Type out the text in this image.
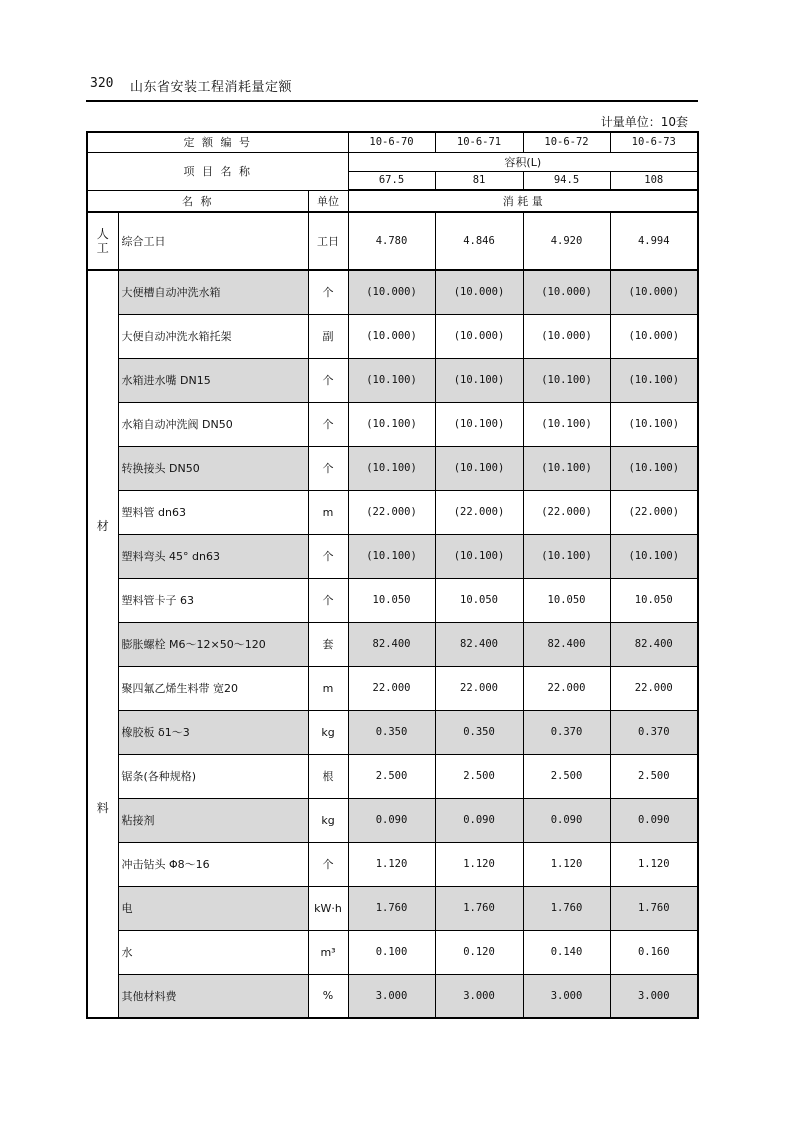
320 山东省安装工程消耗量定额
计量单位：10套
定 额 编 号			10-6-70	10-6-71	10-6-72	10-6-73
项 目 名 称			容积(L)			
			67.5	81	94.5	108
名 称		单位	消 耗 量			
人工	综合工日	工日	4.780	4.846	4.920	4.994

材
料	大便槽自动冲洗水箱	个	(10.000)	(10.000)	(10.000)	(10.000)
	大便自动冲洗水箱托架	副	(10.000)	(10.000)	(10.000)	(10.000)
	水箱进水嘴 DN15	个	(10.100)	(10.100)	(10.100)	(10.100)
	水箱自动冲洗阀 DN50	个	(10.100)	(10.100)	(10.100)	(10.100)
	转换接头 DN50	个	(10.100)	(10.100)	(10.100)	(10.100)
	塑料管 dn63	m	(22.000)	(22.000)	(22.000)	(22.000)
	塑料弯头 45° dn63	个	(10.100)	(10.100)	(10.100)	(10.100)
	塑料管卡子 63	个	10.050	10.050	10.050	10.050
	膨胀螺栓 M6～12×50～120	套	82.400	82.400	82.400	82.400
	聚四氟乙烯生料带 宽20	m	22.000	22.000	22.000	22.000
	橡胶板 δ1～3	kg	0.350	0.350	0.370	0.370
	锯条(各种规格)	根	2.500	2.500	2.500	2.500
	粘接剂	kg	0.090	0.090	0.090	0.090
	冲击钻头 Φ8～16	个	1.120	1.120	1.120	1.120
	电	kW·h	1.760	1.760	1.760	1.760
	水	m³	0.100	0.120	0.140	0.160
	其他材料费	%	3.000	3.000	3.000	3.000
